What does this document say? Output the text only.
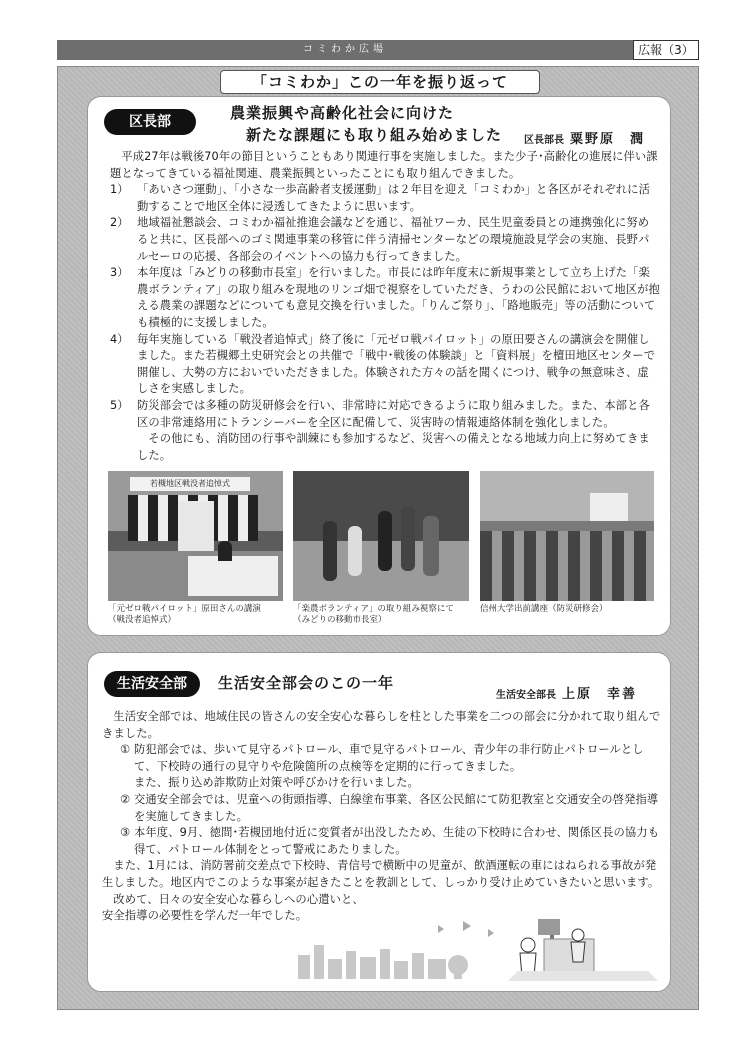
コミわか広場	広報（3）
「コミわか」この一年を振り返って
区長部	農業振興や高齢化社会に向けた
新たな課題にも取り組み始めました 区長部長 粟野原　潤

平成27年は戦後70年の節目ということもあり関連行事を実施しました。また少子･高齢化の進展に伴い課題となってきている福祉関連、農業振興といったことにも取り組んできました。

1） 「あいさつ運動」、「小さな一歩高齢者支援運動」は２年目を迎え「コミわか」と各区がそれぞれに活動することで地区全体に浸透してきたように思います。
2） 地域福祉懇談会、コミわか福祉推進会議などを通じ、福祉ワーカ、民生児童委員との連携強化に努めると共に、区長部へのゴミ関連事業の移管に伴う清掃センターなどの環境施設見学会の実施、長野パルセーロの応援、各部会のイベントへの協力も行ってきました。
3） 本年度は「みどりの移動市長室」を行いました。市長には昨年度末に新規事業として立ち上げた「楽農ボランティア」の取り組みを現地のリンゴ畑で視察をしていただき、うわの公民館において地区が抱える農業の課題などについても意見交換を行いました。「りんご祭り」、「路地販売」等の活動についても積極的に支援しました。
4） 毎年実施している「戦没者追悼式」終了後に「元ゼロ戦パイロット」の原田要さんの講演会を開催しました。また若槻郷土史研究会との共催で「戦中･戦後の体験談」と「資料展」を檀田地区センターで開催し、大勢の方においでいただきました。体験された方々の話を聞くにつけ、戦争の無意味さ、虚しさを実感しました。
5） 防災部会では多種の防災研修会を行い、非常時に対応できるように取り組みました。また、本部と各区の非常連絡用にトランシーバーを全区に配備して、災害時の情報連絡体制を強化しました。

その他にも、消防団の行事や訓練にも参加するなど、災害への備えとなる地域力向上に努めてきました。

若槻地区戦没者追悼式
「元ゼロ戦パイロット」原田さんの講演
（戦没者追悼式）
「楽農ボランティア」の取り組み視察にて
（みどりの移動市長室）
信州大学出前講座（防災研修会）
生活安全部	生活安全部会のこの一年
生活安全部長 上原　幸善

生活安全部では、地域住民の皆さんの安全安心な暮らしを柱とした事業を二つの部会に分かれて取り組んできました。

① 防犯部会では、歩いて見守るパトロール、車で見守るパトロール、青少年の非行防止パトロールとして、下校時の通行の見守りや危険箇所の点検等を定期的に行ってきました。
また、振り込め詐欺防止対策や呼びかけを行いました。
② 交通安全部会では、児童への街頭指導、白線塗布事業、各区公民館にて防犯教室と交通安全の啓発指導を実施してきました。
③ 本年度、9月、徳間･若槻団地付近に変質者が出没したため、生徒の下校時に合わせ、関係区長の協力も得て、パトロール体制をとって警戒にあたりました。

また、1月には、消防署前交差点で下校時、青信号で横断中の児童が、飲酒運転の車にはねられる事故が発生しました。地区内でこのような事案が起きたことを教訓として、しっかり受け止めていきたいと思います。

改めて、日々の安全安心な暮らしへの心遣いと、

安全指導の必要性を学んだ一年でした。
